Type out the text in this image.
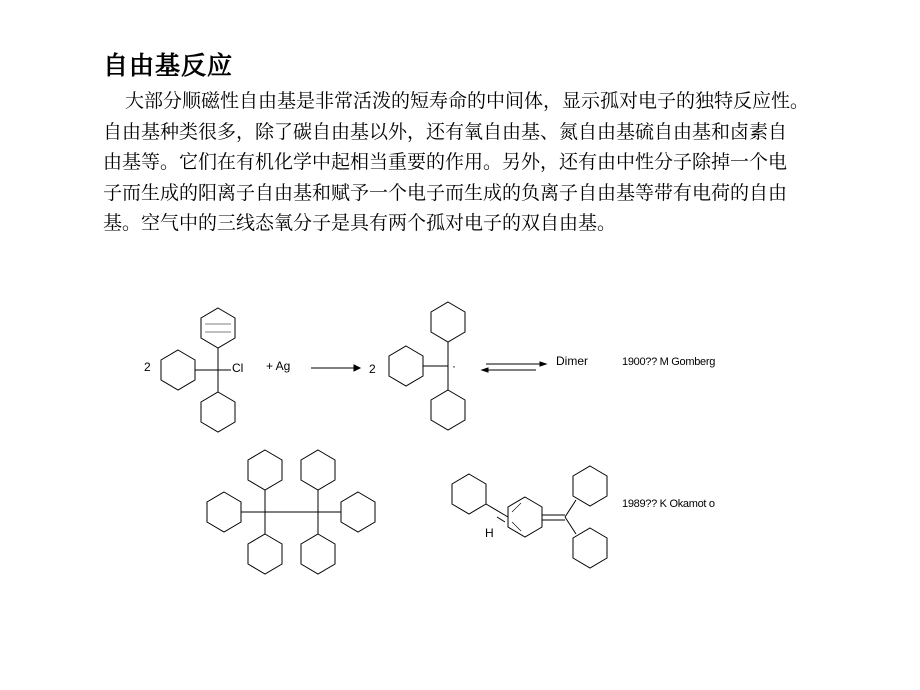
自由基反应
大部分顺磁性自由基是非常活泼的短寿命的中间体，显示孤对电子的独特反应性。
自由基种类很多，除了碳自由基以外，还有氧自由基、氮自由基硫自由基和卤素自
由基等。它们在有机化学中起相当重要的作用。另外，还有由中性分子除掉一个电
子而生成的阳离子自由基和赋予一个电子而生成的负离子自由基等带有电荷的自由
基。空气中的三线态氧分子是具有两个孤对电子的双自由基。
2	Cl + Ag	2	·	Dimer	1900?? M Gomberg
H
1989?? K Okamot o
